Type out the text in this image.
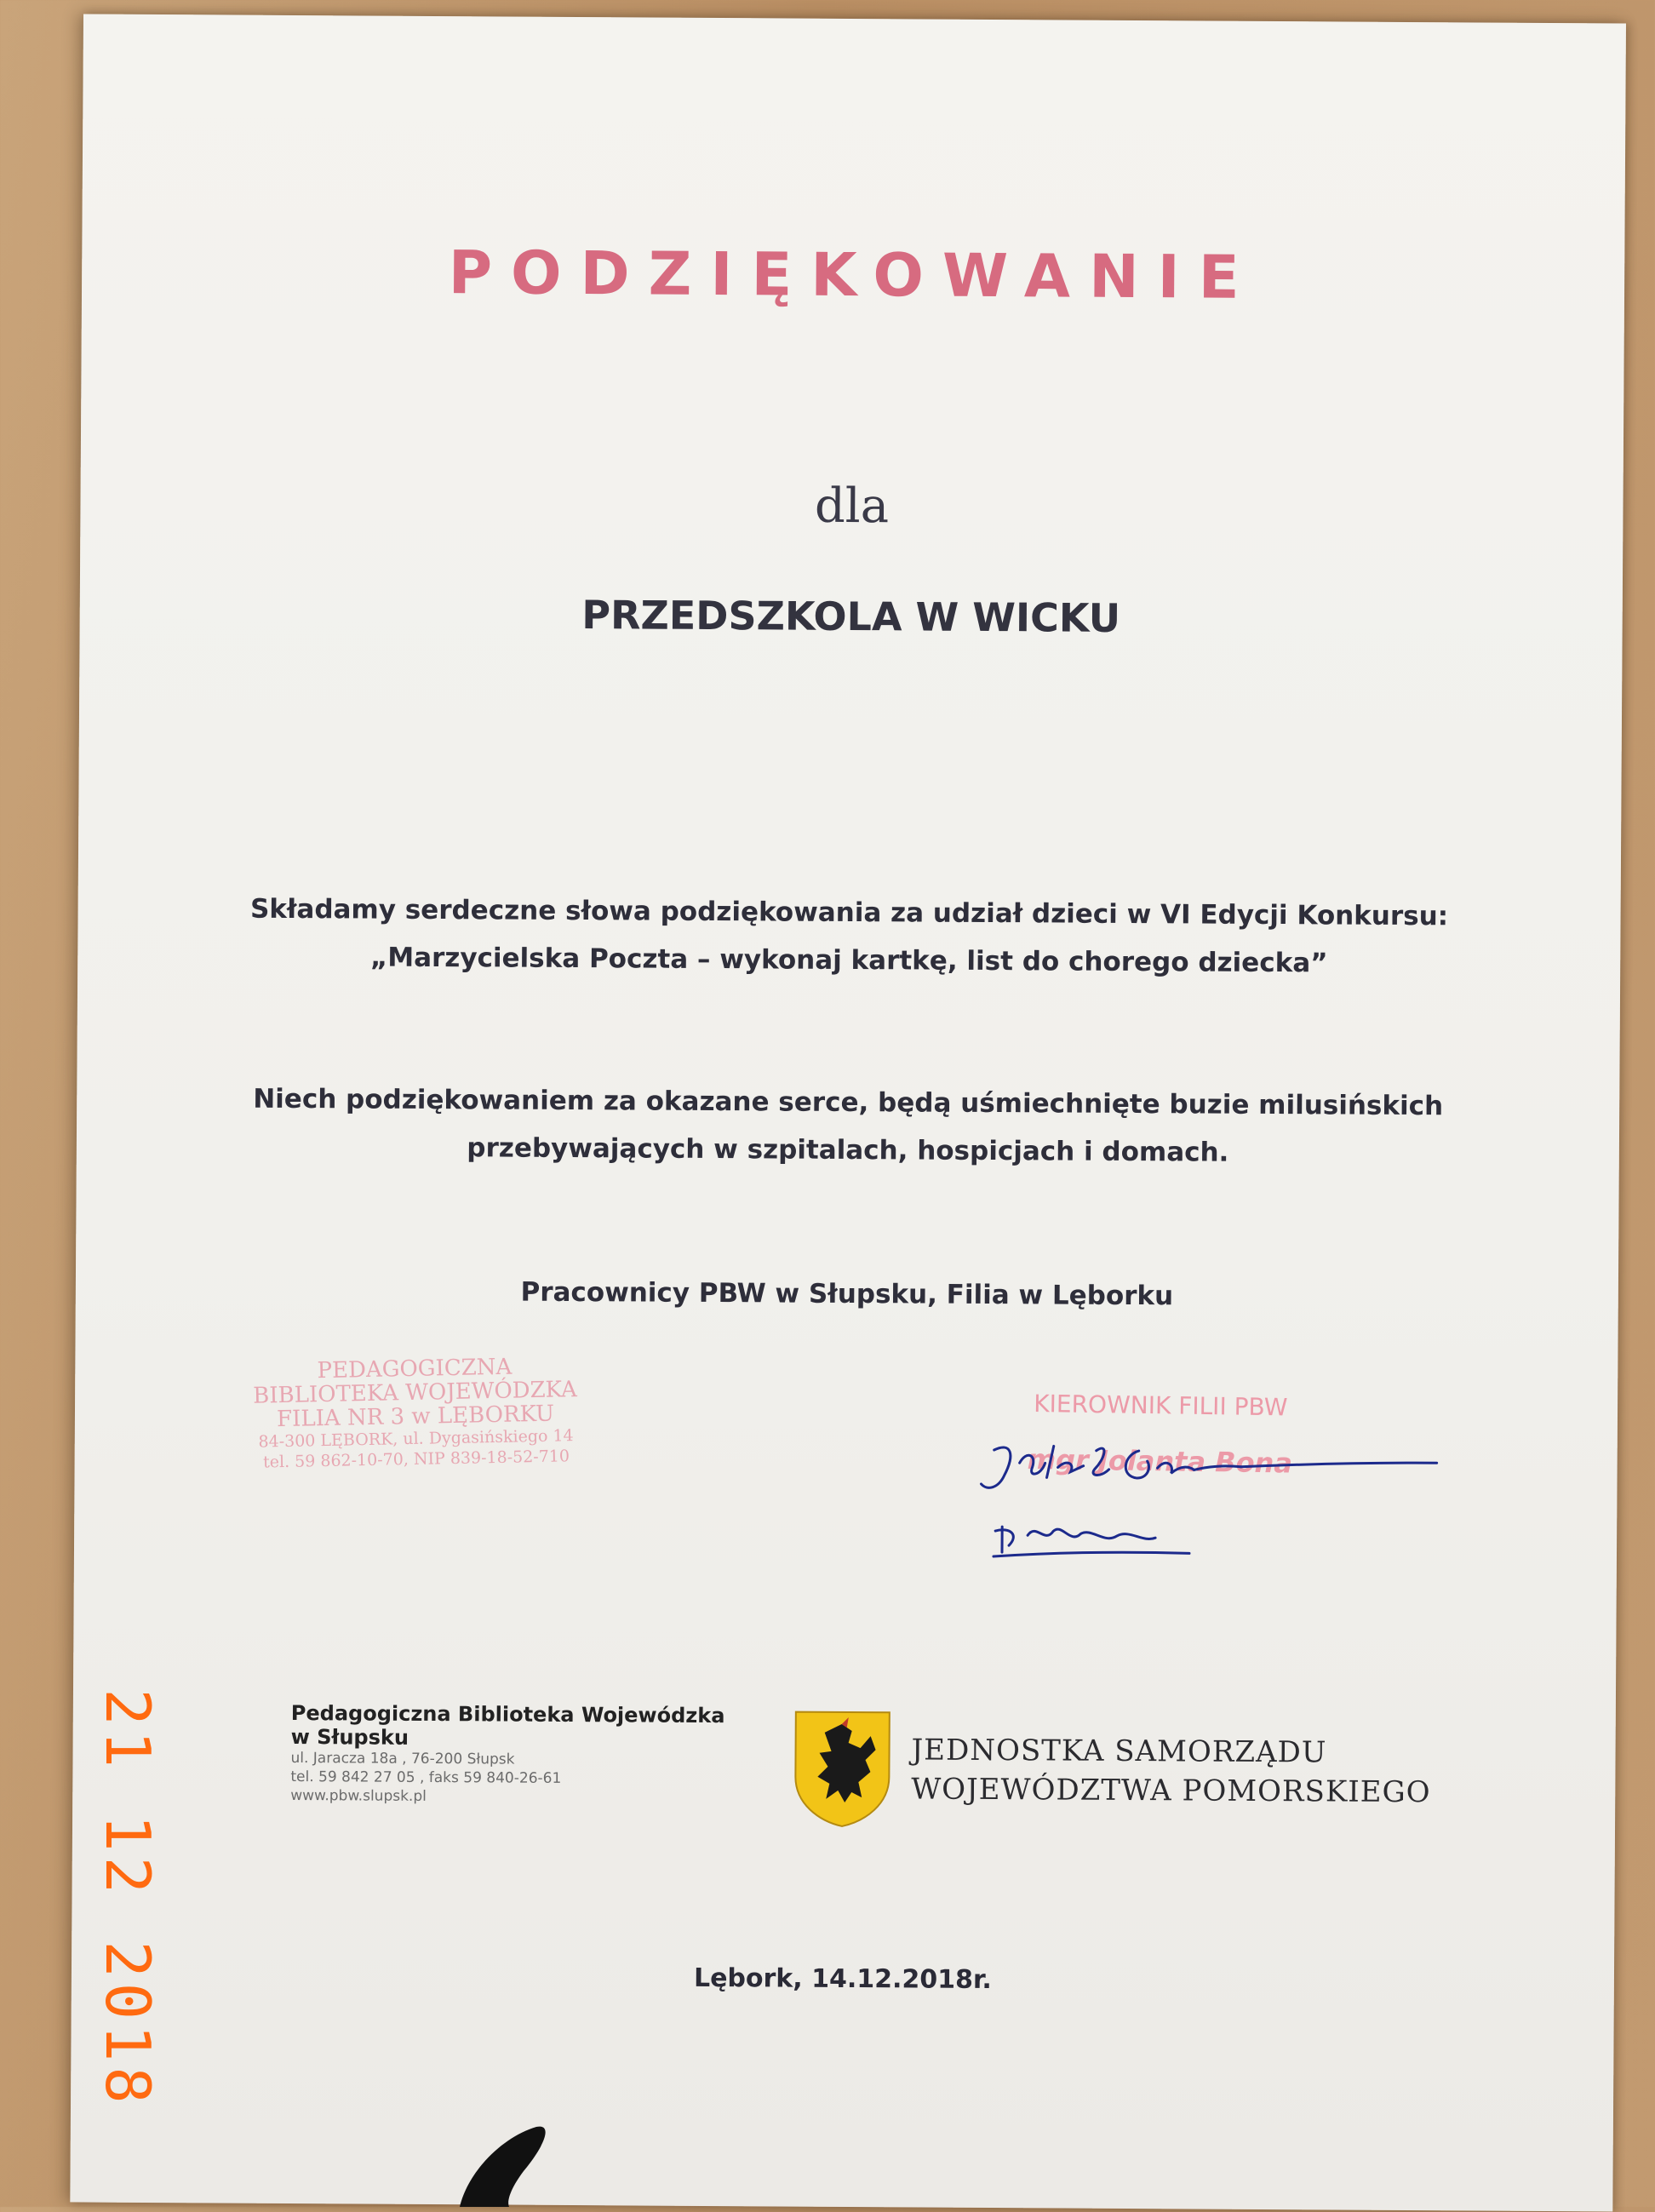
PODZIĘKOWANIE
dla
PRZEDSZKOLA W WICKU
Składamy serdeczne słowa podziękowania za udział dzieci w VI Edycji Konkursu:
„Marzycielska Poczta – wykonaj kartkę, list do chorego dziecka”
Niech podziękowaniem za okazane serce, będą uśmiechnięte buzie milusińskich
przebywających w szpitalach, hospicjach i domach.
Pracownicy PBW w Słupsku, Filia w Lęborku
PEDAGOGICZNA
BIBLIOTEKA WOJEWÓDZKA
FILIA NR 3 w LĘBORKU
84-300 LĘBORK, ul. Dygasińskiego 14
tel. 59 862-10-70, NIP 839-18-52-710
KIEROWNIK FILII PBW
mgr Jolanta Bona
Pedagogiczna Biblioteka Wojewódzka
w Słupsku
ul. Jaracza 18a , 76-200 Słupsk
tel. 59 842 27 05 , faks 59 840-26-61
www.pbw.slupsk.pl
JEDNOSTKA SAMORZĄDU
WOJEWÓDZTWA POMORSKIEGO
Lębork, 14.12.2018r.
21 12 2018
